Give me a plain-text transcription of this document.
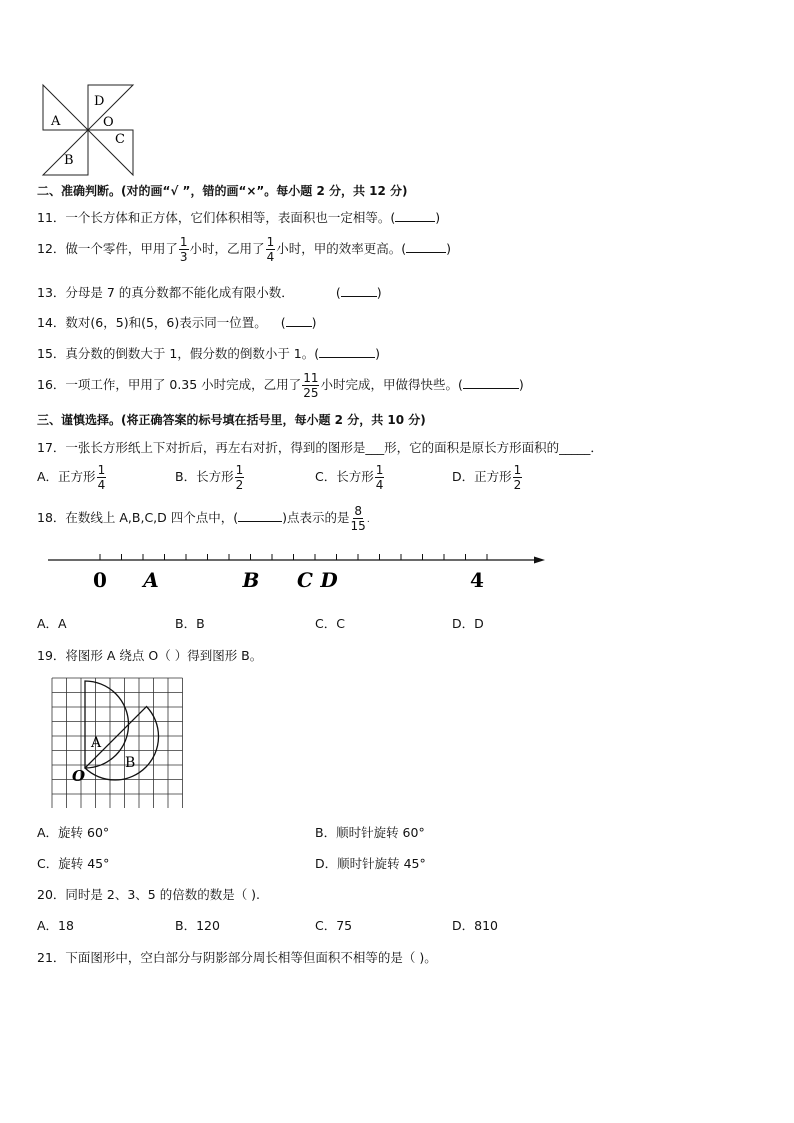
D
A	O
C
B
二、准确判断。(对的画“√ ”，错的画“×”。每小题 2 分，共 12 分)
11．一个长方体和正方体，它们体积相等，表面积也一定相等。(	)
12．做一个零件，甲用了 $\frac{1}{3}$ 小时，乙用了 $\frac{1}{4}$ 小时，甲的效率更高。(	)
13．分母是 7 的真分数都不能化成有限小数．	(	)
14．数对(6，5)和(5，6)表示同一位置。 ( )
15．真分数的倒数大于 1，假分数的倒数小于 1。(	)
16．一项工作，甲用了 0.35 小时完成，乙用了 $\frac{11}{25}$ 小时完成，甲做得快些。(	)
三、谨慎选择。(将正确答案的标号填在括号里，每小题 2 分，共 10 分)
17．一张长方形纸上下对折后，再左右对折，得到的图形是___形，它的面积是原长方形面积的_____．
A．正方形 $\frac{1}{4}$	B．长方形 $\frac{1}{2}$	C．长方形 $\frac{1}{4}$	D．正方形 $\frac{1}{2}$
18．在数线上 A,B,C,D 四个点中，(	)点表示的是 $\frac{8}{15}$ .
0 A	B C D	4
A．A	B．B	C．C	D．D
19．将图形 A 绕点 O（ ）得到图形 B。
A
B
O
A．旋转 60°	B．顺时针旋转 60°
C．旋转 45°	D．顺时针旋转 45°
20．同时是 2、3、5 的倍数的数是（ ).
A．18	B．120	C．75	D．810
21．下面图形中，空白部分与阴影部分周长相等但面积不相等的是（ )。
